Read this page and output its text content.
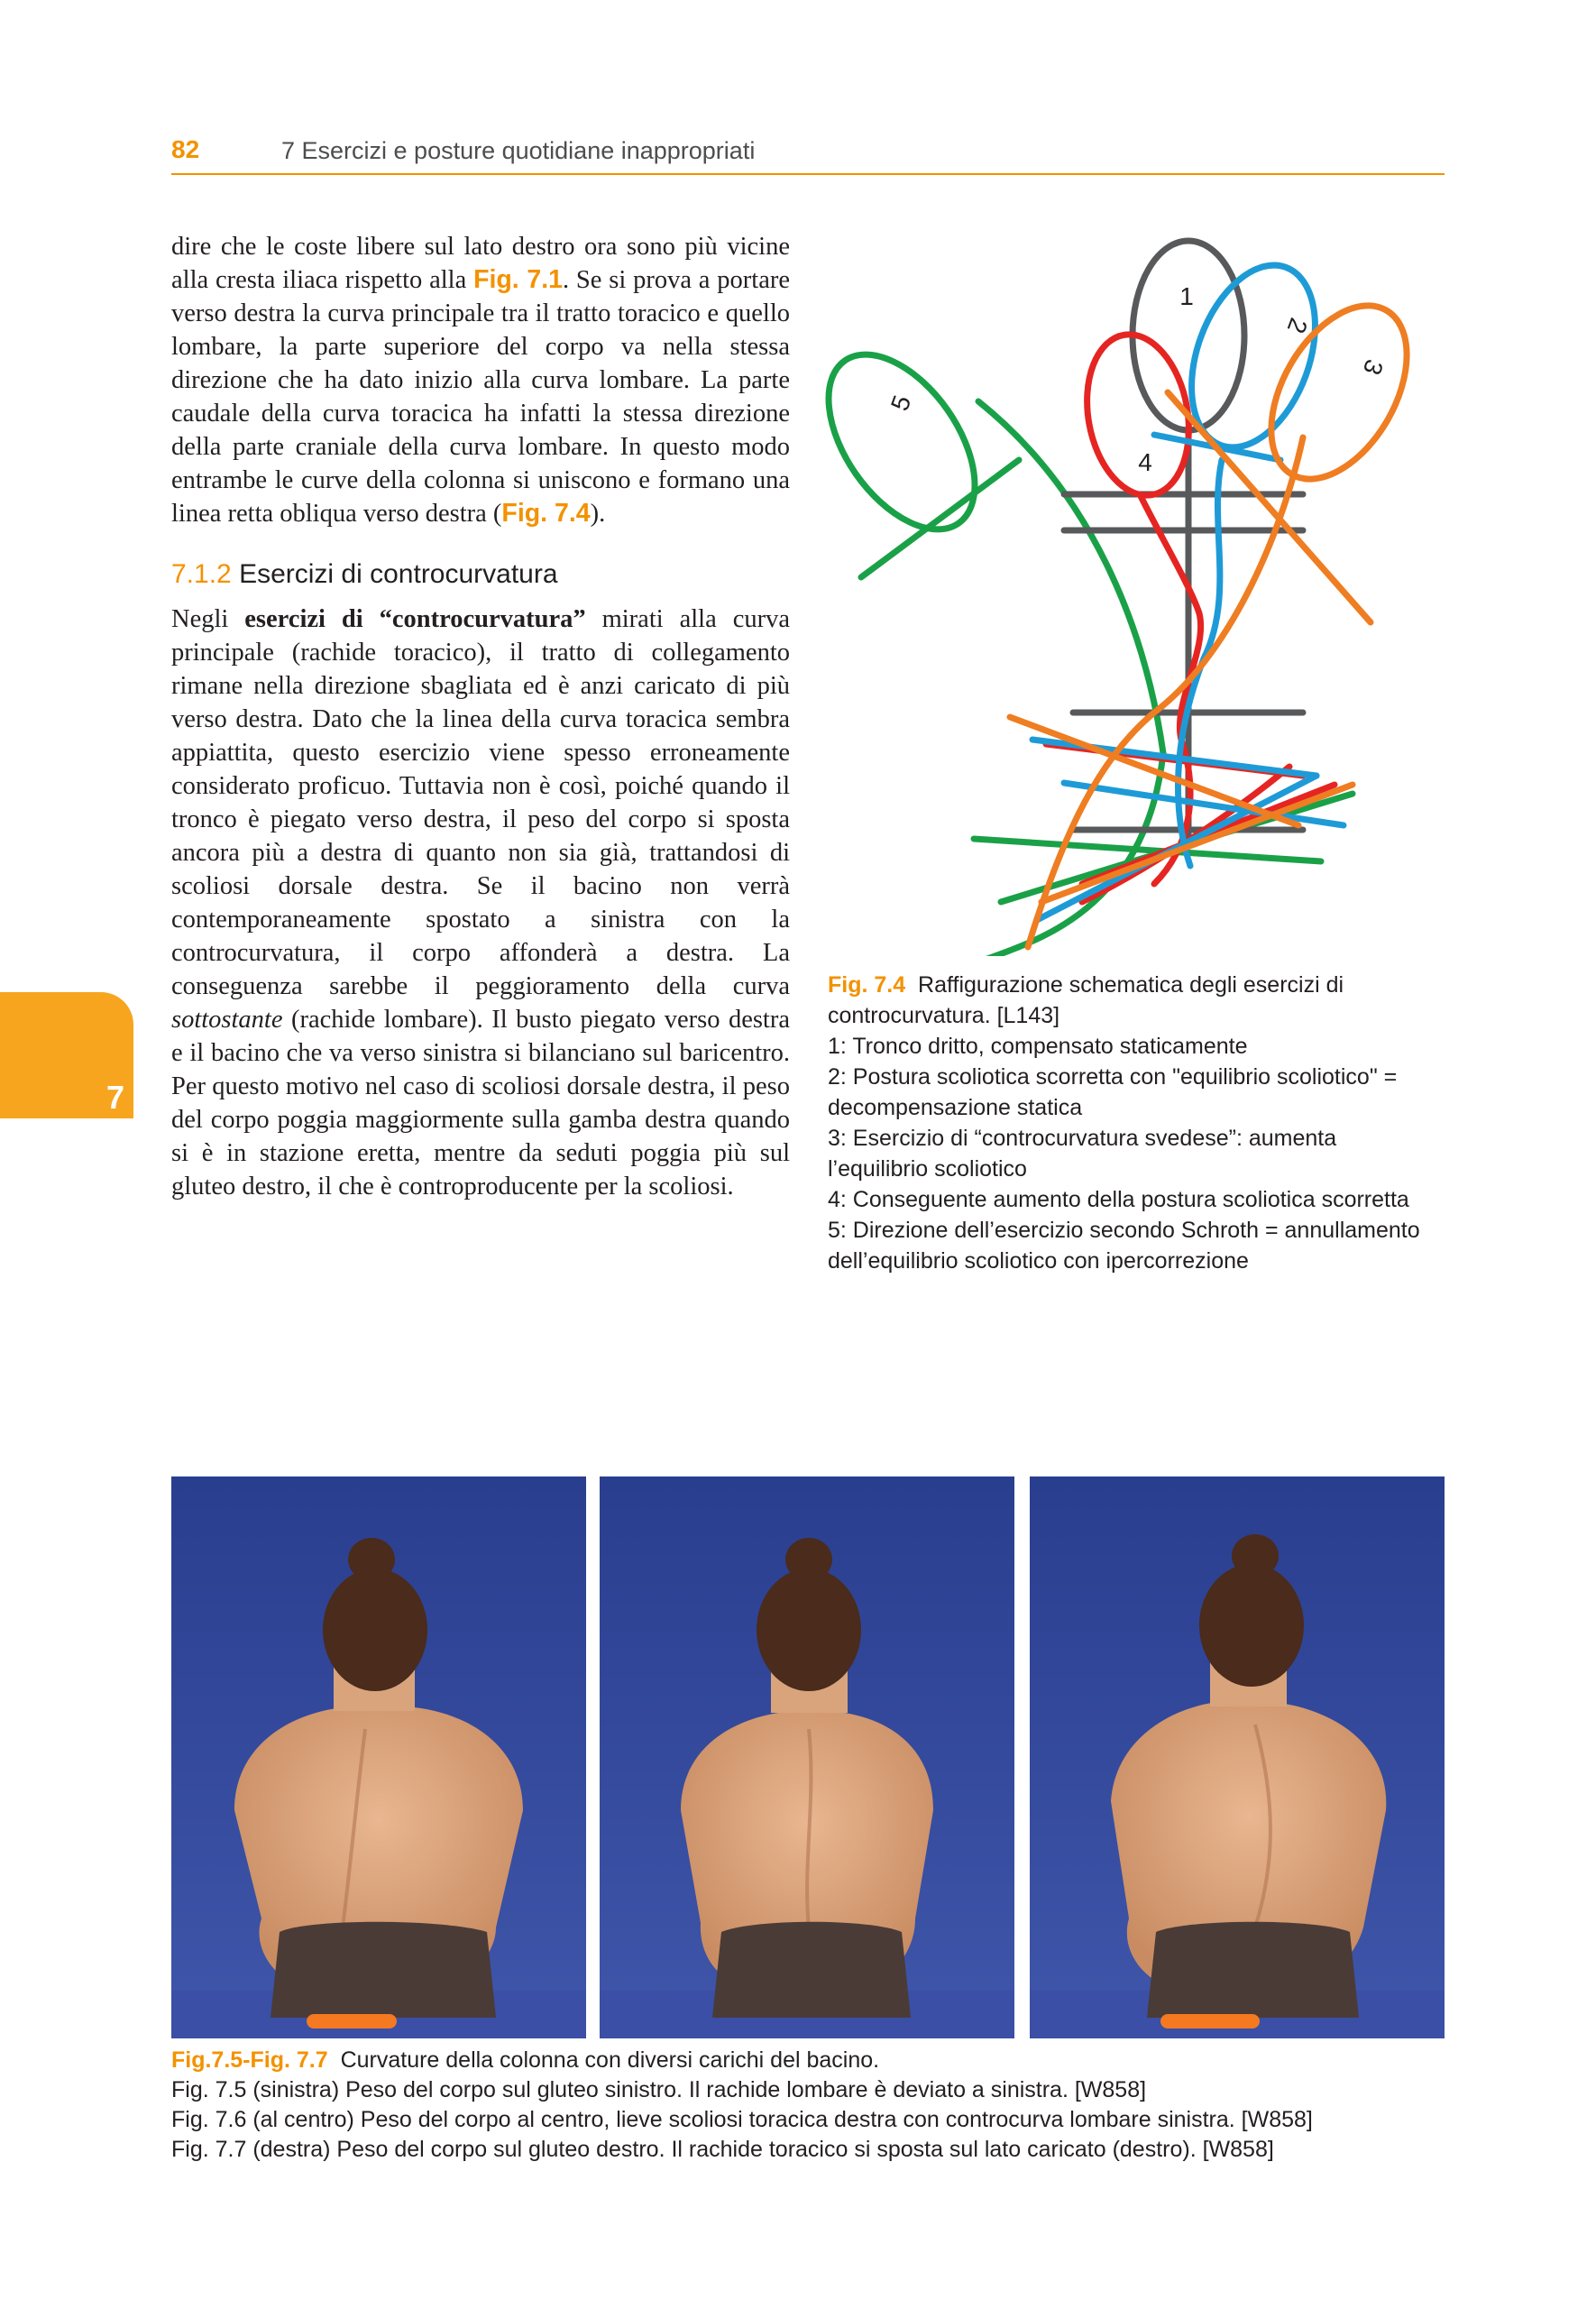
82	7 Esercizi e posture quotidiane inappropriati
7

dire che le coste libere sul lato destro ora sono più vicine alla cresta iliaca rispetto alla Fig. 7.1. Se si prova a portare verso destra la curva principale tra il tratto toracico e quello lombare, la parte superiore del corpo va nella stessa direzione che ha dato inizio alla curva lombare. La parte caudale della curva toracica ha infatti la stessa direzione della parte craniale della curva lombare. In questo modo entrambe le curve della colonna si uniscono e formano una linea retta obliqua verso destra (Fig. 7.4).

7.1.2 Esercizi di controcurvatura

Negli esercizi di “controcurvatura” mirati alla curva principale (rachide toracico), il tratto di collegamento rimane nella direzione sbagliata ed è anzi caricato di più verso destra. Dato che la linea della curva toracica sembra appiattita, questo esercizio viene spesso erroneamente considerato proficuo. Tuttavia non è così, poiché quando il tronco è piegato verso destra, il peso del corpo si sposta ancora più a destra di quanto non sia già, trattandosi di scoliosi dorsale destra. Se il bacino non verrà contemporaneamente spostato a sinistra con la controcurvatura, il corpo affonderà a destra. La conseguenza sarebbe il peggioramento della curva sottostante (rachide lombare). Il busto piegato verso destra e il bacino che va verso sinistra si bilanciano sul baricentro. Per questo motivo nel caso di scoliosi dorsale destra, il peso del corpo poggia maggiormente sulla gamba destra quando si è in stazione eretta, mentre da seduti poggia più sul gluteo destro, il che è controproducente per la scoliosi.

1
2
3
4
5

Fig. 7.4 Raffigurazione schematica degli esercizi di controcurvatura. [L143]

1: Tronco dritto, compensato staticamente

2: Postura scoliotica scorretta con "equilibrio scoliotico" = decompensazione statica

3: Esercizio di “controcurvatura svedese”: aumenta l’equilibrio scoliotico

4: Conseguente aumento della postura scoliotica scorretta

5: Direzione dell’esercizio secondo Schroth = annullamento dell’equilibrio scoliotico con ipercorrezione

Fig.7.5-Fig. 7.7 Curvature della colonna con diversi carichi del bacino.

Fig. 7.5 (sinistra) Peso del corpo sul gluteo sinistro. Il rachide lombare è deviato a sinistra. [W858]

Fig. 7.6 (al centro) Peso del corpo al centro, lieve scoliosi toracica destra con controcurva lombare sinistra. [W858]

Fig. 7.7 (destra) Peso del corpo sul gluteo destro. Il rachide toracico si sposta sul lato caricato (destro). [W858]
